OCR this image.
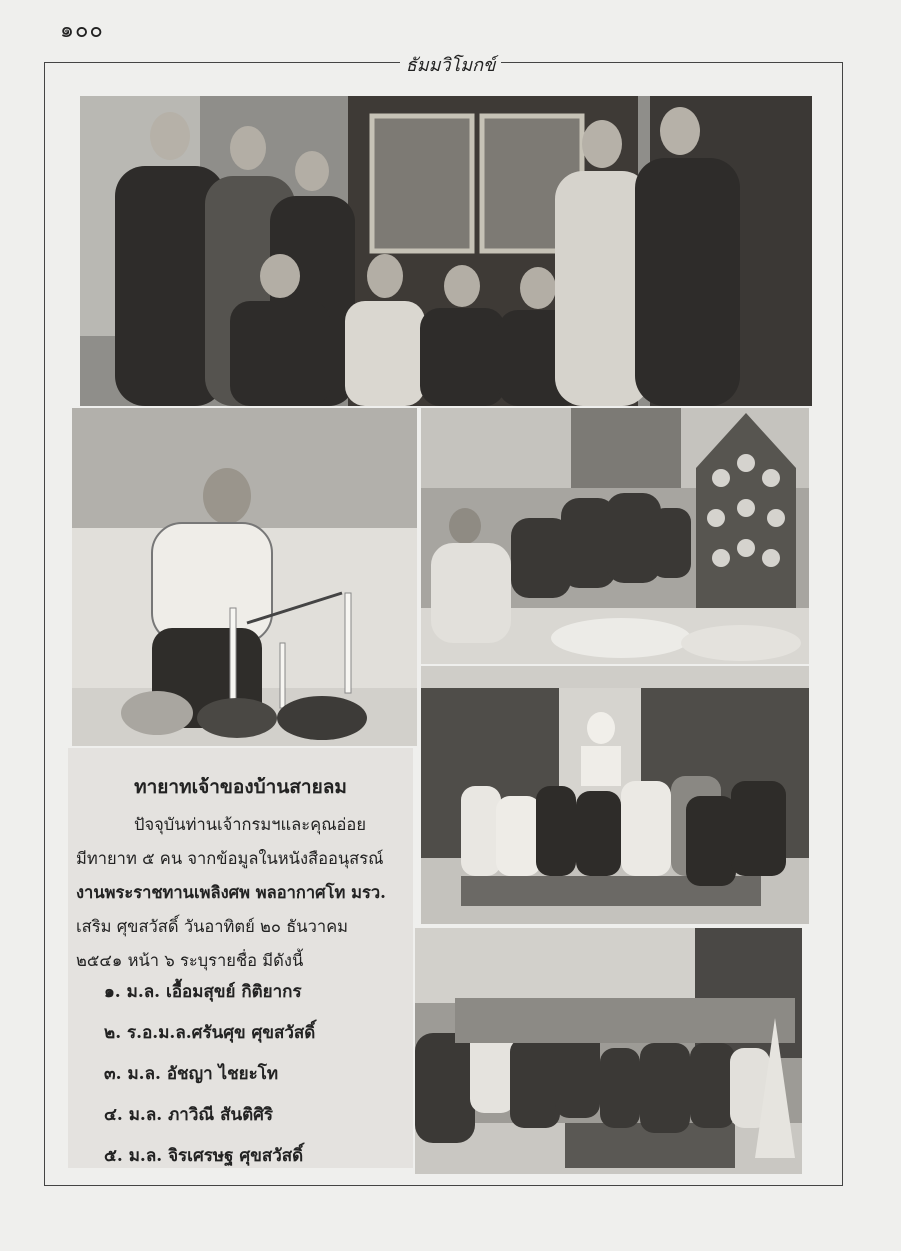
๑๐๐
ธัมมวิโมกข์
ทายาทเจ้าของบ้านสายลม
ปัจจุบันท่านเจ้ากรมฯและคุณอ่อย
มีทายาท ๕ คน จากข้อมูลในหนังสืออนุสรณ์
งานพระราชทานเพลิงศพ พลอากาศโท มรว.
เสริม ศุขสวัสดิ์ วันอาทิตย์ ๒๐ ธันวาคม
๒๕๔๑ หน้า ๖ ระบุรายชื่อ มีดังนี้
๑. ม.ล. เอื้อมสุขย์ กิติยากร
๒. ร.อ.ม.ล.ศรันศุข ศุขสวัสดิ์
๓. ม.ล. อัชญา ไชยะโท
๔. ม.ล. ภาวิณี สันติศิริ
๕. ม.ล. จิรเศรษฐ ศุขสวัสดิ์
